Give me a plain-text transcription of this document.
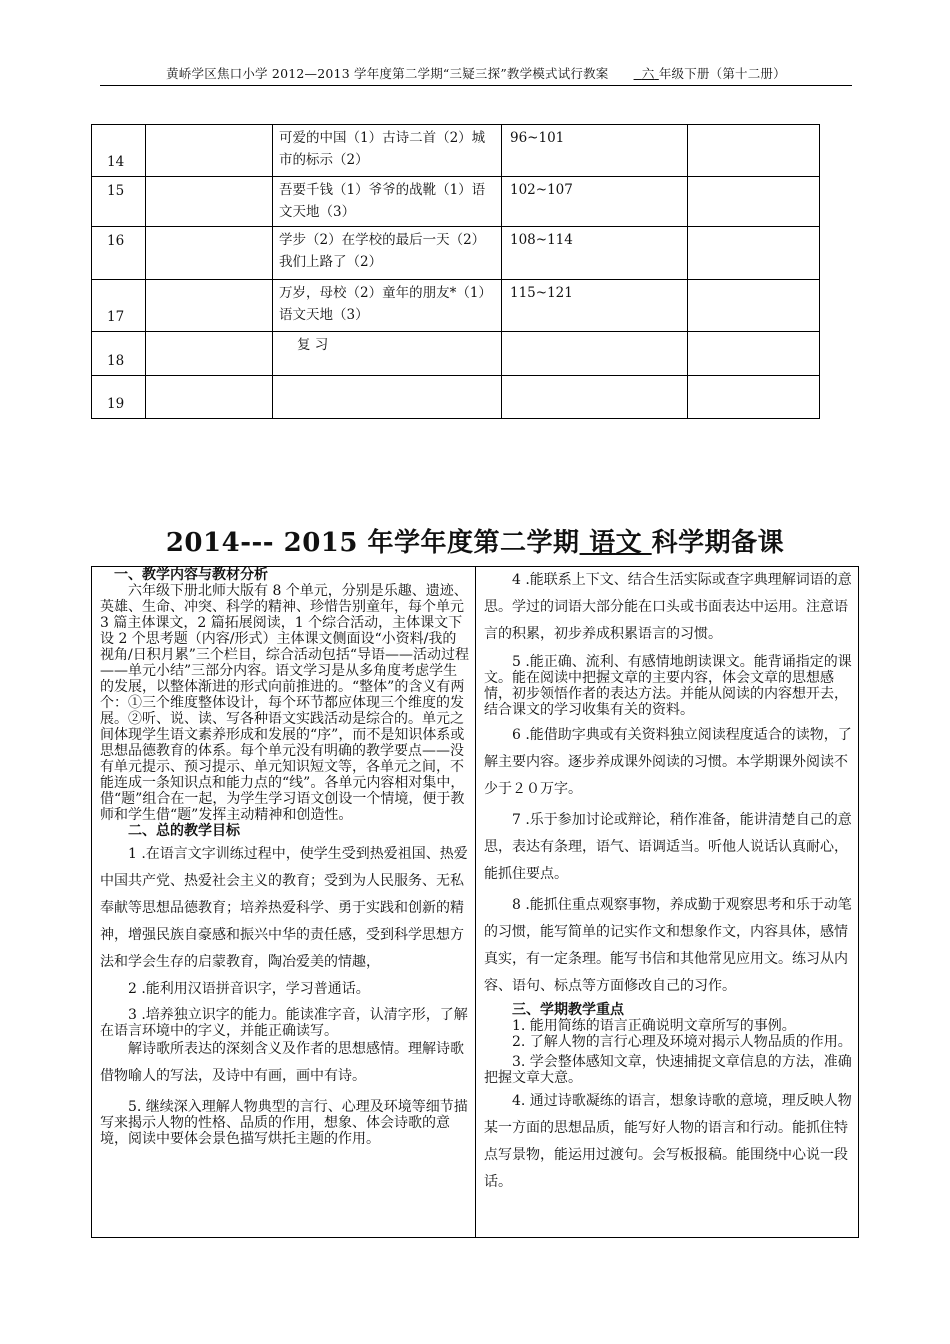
黄峤学区焦口小学 2012—2013 学年度第二学期“三疑三探”教学模式试行教案	六 年级下册（第十二册）
14		可爱的中国（1）古诗二首（2）城市的标示（2）	96~101	
15		吾要千钱（1）爷爷的战靴（1）语文天地（3）	102~107	
16		学步（2）在学校的最后一天（2）我们上路了（2）	108~114	
17		万岁，母校（2）童年的朋友*（1）语文天地（3）	115~121	
18		复 习		
19				
2014--- 2015 年学年度第二学期 语文 科学期备课

一、教学内容与教材分析

六年级下册北师大版有 8 个单元，分别是乐趣、遗迹、英雄、生命、冲突、科学的精神、珍惜告别童年，每个单元 3 篇主体课文，2 篇拓展阅读，1 个综合活动，主体课文下设 2 个思考题（内容/形式）主体课文侧面设“小资料/我的视角/日积月累”三个栏目，综合活动包括“导语——活动过程——单元小结”三部分内容。语文学习是从多角度考虑学生的发展，以整体渐进的形式向前推进的。“整体”的含义有两个：①三个维度整体设计，每个环节都应体现三个维度的发展。②听、说、读、写各种语文实践活动是综合的。单元之间体现学生语文素养形成和发展的“序”，而不是知识体系或思想品德教育的体系。每个单元没有明确的教学要点——没有单元提示、预习提示、单元知识短文等，各单元之间，不能连成一条知识点和能力点的“线”。各单元内容相对集中，借“题”组合在一起，为学生学习语文创设一个情境，便于教师和学生借“题”发挥主动精神和创造性。

二、总的教学目标

1 .在语言文字训练过程中，使学生受到热爱祖国、热爱中国共产党、热爱社会主义的教育；受到为人民服务、无私奉献等思想品德教育；培养热爱科学、勇于实践和创新的精神，增强民族自豪感和振兴中华的责任感，受到科学思想方法和学会生存的启蒙教育，陶冶爱美的情趣，

2 .能利用汉语拼音识字，学习普通话。

3 .培养独立识字的能力。能读准字音，认清字形，了解在语言环境中的字义，并能正确读写。

解诗歌所表达的深刻含义及作者的思想感情。理解诗歌借物喻人的写法，及诗中有画，画中有诗。

5. 继续深入理解人物典型的言行、心理及环境等细节描写来揭示人物的性格、品质的作用，想象、体会诗歌的意境，阅读中要体会景色描写烘托主题的作用。

4 .能联系上下文、结合生活实际或查字典理解词语的意思。学过的词语大部分能在口头或书面表达中运用。注意语言的积累，初步养成积累语言的习惯。

5 .能正确、流利、有感情地朗读课文。能背诵指定的课文。能在阅读中把握文章的主要内容，体会文章的思想感情，初步领悟作者的表达方法。并能从阅读的内容想开去，结合课文的学习收集有关的资料。

6 .能借助字典或有关资料独立阅读程度适合的读物，了解主要内容。逐步养成课外阅读的习惯。本学期课外阅读不少于２０万字。

7 .乐于参加讨论或辩论，稍作准备，能讲清楚自己的意思，表达有条理，语气、语调适当。听他人说话认真耐心，能抓住要点。

8 .能抓住重点观察事物，养成勤于观察思考和乐于动笔的习惯，能写简单的记实作文和想象作文，内容具体，感情真实，有一定条理。能写书信和其他常见应用文。练习从内容、语句、标点等方面修改自己的习作。

三、学期教学重点

1. 能用简练的语言正确说明文章所写的事例。

2. 了解人物的言行心理及环境对揭示人物品质的作用。

3. 学会整体感知文章，快速捕捉文章信息的方法，准确把握文章大意。

4. 通过诗歌凝练的语言，想象诗歌的意境，理反映人物某一方面的思想品质，能写好人物的语言和行动。能抓住特点写景物，能运用过渡句。会写板报稿。能围绕中心说一段话。
